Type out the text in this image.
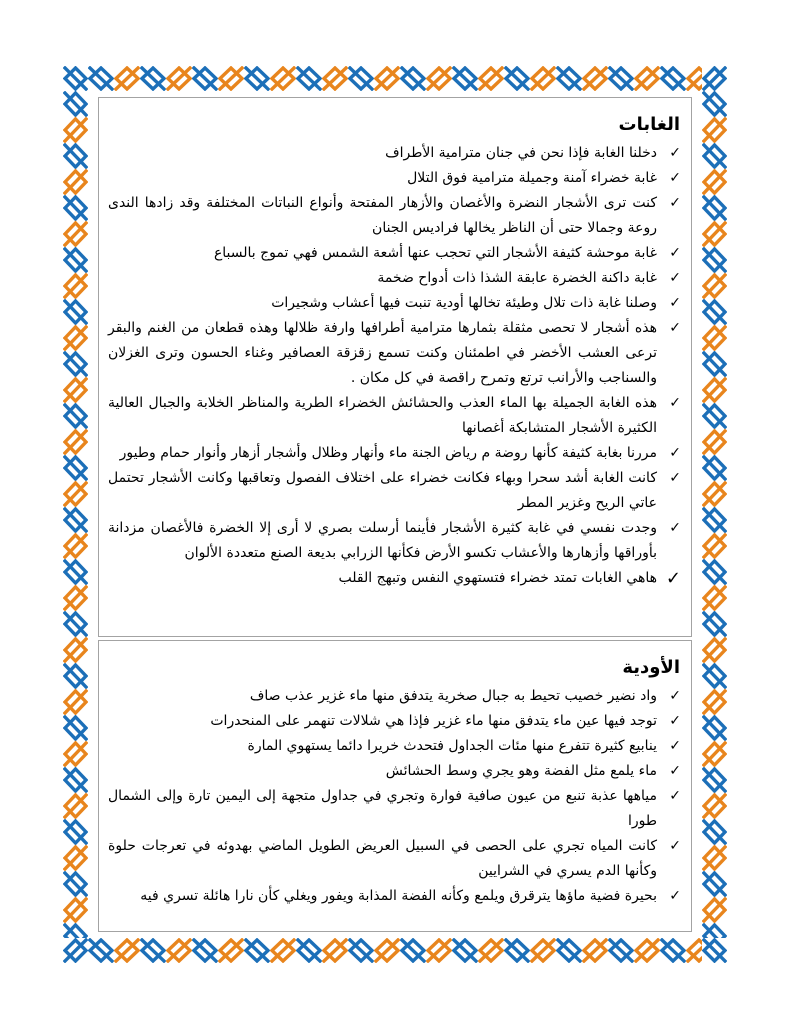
الغابات
✓
دخلنا الغابة فإذا نحن في جنان مترامية الأطراف
✓
غابة خضراء آمنة وجميلة مترامية فوق التلال
✓
كنت ترى الأشجار النضرة والأغصان والأزهار المفتحة وأنواع النباتات المختلفة وقد زادها الندى روعة وجمالا حتى أن الناظر يخالها فراديس الجنان
✓
غابة موحشة كثيفة الأشجار التي تحجب عنها أشعة الشمس فهي تموج بالسباع
✓
غابة داكنة الخضرة عابقة الشذا ذات أدواح ضخمة
✓
وصلنا غابة ذات تلال وطيئة تخالها أودية تنبت فيها أعشاب وشجيرات
✓
هذه أشجار لا تحصى مثقلة بثمارها مترامية أطرافها وارفة ظلالها وهذه قطعان من الغنم والبقر ترعى العشب الأخضر في اطمئنان وكنت تسمع زقزقة العصافير وغناء الحسون وترى الغزلان والسناجب والأرانب ترتع وتمرح راقصة في كل مكان .
✓
هذه الغابة الجميلة بها الماء العذب والحشائش الخضراء الطرية والمناظر الخلابة والجبال العالية الكثيرة الأشجار المتشابكة أغصانها
✓
مررنا بغابة كثيفة كأنها روضة م رياض الجنة ماء وأنهار وظلال وأشجار أزهار وأنوار حمام وطيور
✓
كانت الغابة أشد سحرا وبهاء فكانت خضراء على اختلاف الفصول وتعاقبها وكانت الأشجار تحتمل عاتي الريح وغزير المطر
✓
وجدت نفسي في غابة كثيرة الأشجار فأينما أرسلت بصري لا أرى إلا الخضرة فالأغصان مزدانة بأوراقها وأزهارها والأعشاب تكسو الأرض فكأنها الزرابي بديعة الصنع متعددة الألوان
✓
هاهي الغابات تمتد خضراء فتستهوي النفس وتبهج القلب
الأودية
✓
واد نضير خصيب تحيط به جبال صخرية يتدفق منها ماء غزير عذب صاف
✓
توجد فيها عين ماء يتدفق منها ماء غزير فإذا هي شلالات تنهمر على المنحدرات
✓
ينابيع كثيرة تتفرع منها مئات الجداول فتحدث خريرا دائما يستهوي المارة
✓
ماء يلمع مثل الفضة وهو يجري وسط الحشائش
✓
مياهها عذبة تنبع من عيون صافية فوارة وتجري في جداول متجهة إلى اليمين تارة وإلى الشمال طورا
✓
كانت المياه تجري على الحصى في السبيل العريض الطويل الماضي بهدوئه في تعرجات حلوة وكأنها الدم يسري في الشرايين
✓
بحيرة فضية ماؤها يترقرق ويلمع وكأنه الفضة المذابة ويفور ويغلي كأن نارا هائلة تسري فيه
